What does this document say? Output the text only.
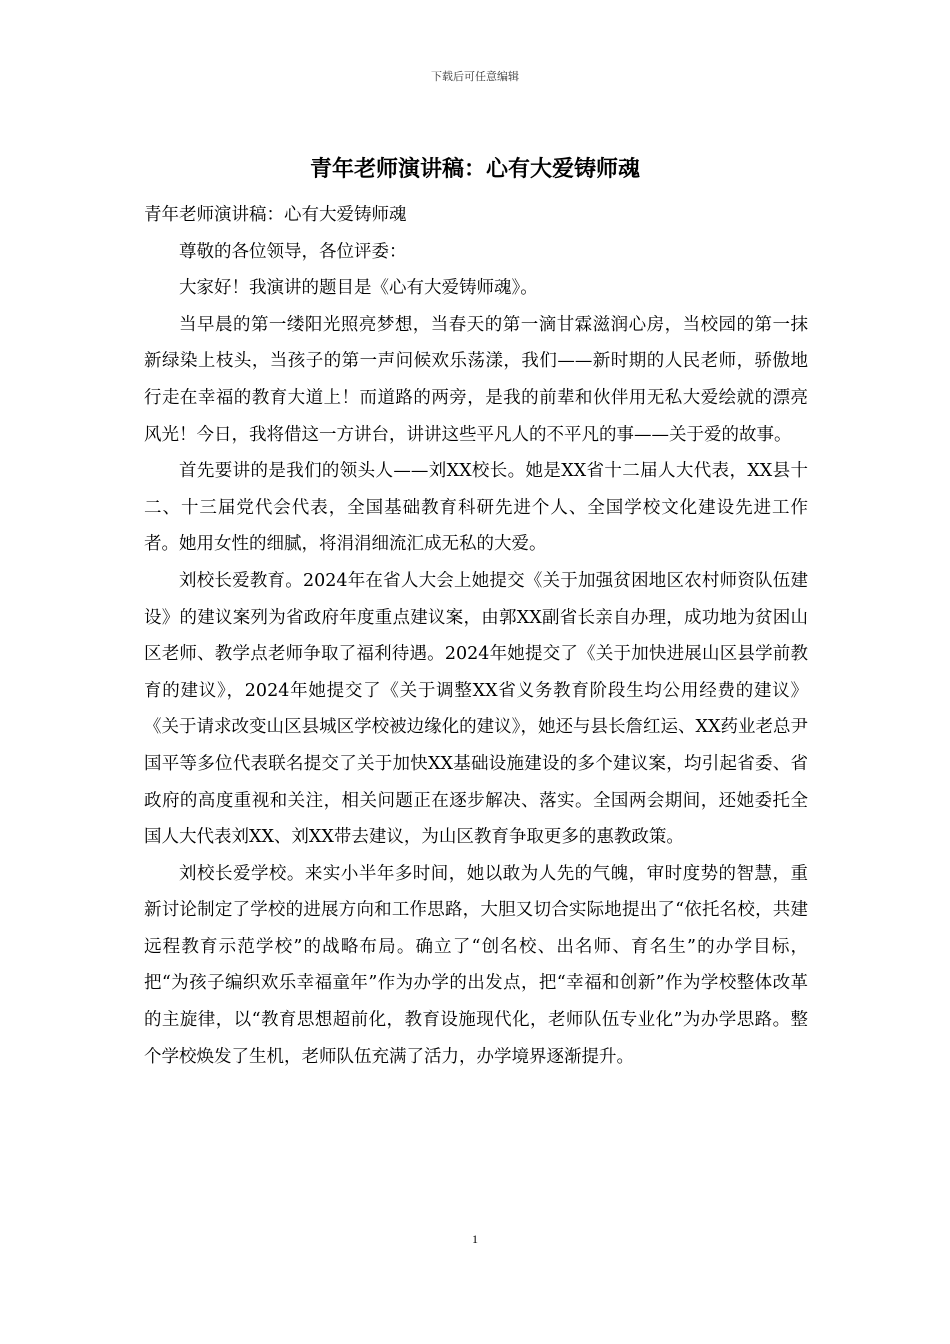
下载后可任意编辑
青年老师演讲稿：心有大爱铸师魂

青年老师演讲稿：心有大爱铸师魂

尊敬的各位领导，各位评委：

大家好！我演讲的题目是《心有大爱铸师魂》。

当早晨的第一缕阳光照亮梦想，当春天的第一滴甘霖滋润心房，当校园的第一抹新绿染上枝头，当孩子的第一声问候欢乐荡漾，我们——新时期的人民老师，骄傲地行走在幸福的教育大道上！而道路的两旁，是我的前辈和伙伴用无私大爱绘就的漂亮风光！今日，我将借这一方讲台，讲讲这些平凡人的不平凡的事——关于爱的故事。

首先要讲的是我们的领头人——刘XX校长。她是XX省十二届人大代表，XX县十二、十三届党代会代表，全国基础教育科研先进个人、全国学校文化建设先进工作者。她用女性的细腻，将涓涓细流汇成无私的大爱。

刘校长爱教育。2024年在省人大会上她提交《关于加强贫困地区农村师资队伍建设》的建议案列为省政府年度重点建议案，由郭XX副省长亲自办理，成功地为贫困山区老师、教学点老师争取了福利待遇。2024年她提交了《关于加快进展山区县学前教育的建议》，2024年她提交了《关于调整XX省义务教育阶段生均公用经费的建议》《关于请求改变山区县城区学校被边缘化的建议》，她还与县长詹红运、XX药业老总尹国平等多位代表联名提交了关于加快XX基础设施建设的多个建议案，均引起省委、省政府的高度重视和关注，相关问题正在逐步解决、落实。全国两会期间，还她委托全国人大代表刘XX、刘XX带去建议，为山区教育争取更多的惠教政策。

刘校长爱学校。来实小半年多时间，她以敢为人先的气魄，审时度势的智慧，重新讨论制定了学校的进展方向和工作思路，大胆又切合实际地提出了“依托名校，共建远程教育示范学校”的战略布局。确立了“创名校、出名师、育名生”的办学目标，把“为孩子编织欢乐幸福童年”作为办学的出发点，把“幸福和创新”作为学校整体改革的主旋律，以“教育思想超前化，教育设施现代化，老师队伍专业化”为办学思路。整个学校焕发了生机，老师队伍充满了活力，办学境界逐渐提升。

1
